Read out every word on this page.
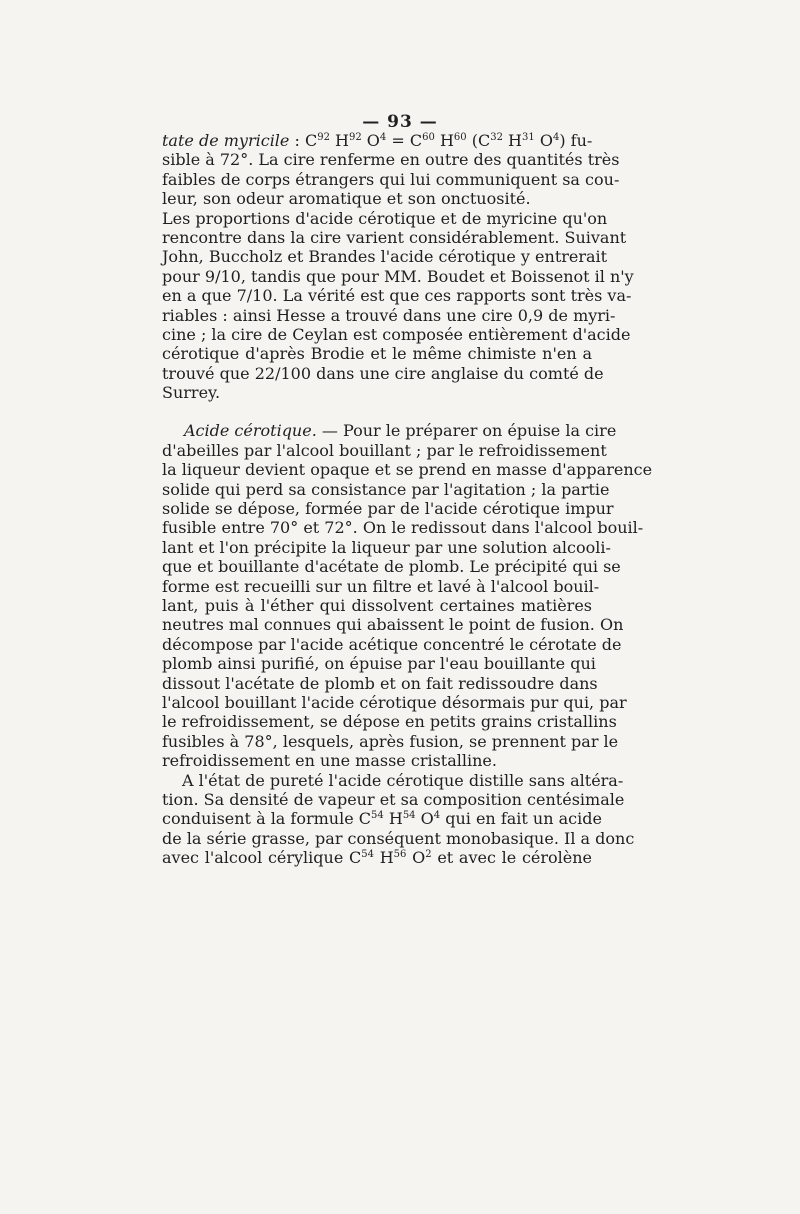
— 93 —
tate de myricile : $C^{92}$ $H^{92}$ $O^4 = C^{60}$ $H^{60}$ ($C^{32}$ $H^{31}$ $O^4$) fu-
sible à 72°. La cire renferme en outre des quantités très
faibles de corps étrangers qui lui communiquent sa cou-
leur, son odeur aromatique et son onctuosité.
Les proportions d'acide cérotique et de myricine qu'on
rencontre dans la cire varient considérablement. Suivant
John, Buccholz et Brandes l'acide cérotique y entrerait
pour 9/10, tandis que pour MM. Boudet et Boissenot il n'y
en a que 7/10. La vérité est que ces rapports sont très va-
riables : ainsi Hesse a trouvé dans une cire 0,9 de myri-
cine ; la cire de Ceylan est composée entièrement d'acide
cérotique d'après Brodie et le même chimiste n'en a
trouvé que 22/100 dans une cire anglaise du comté de
Surrey.
Acide cérotique. — Pour le préparer on épuise la cire
d'abeilles par l'alcool bouillant ; par le refroidissement
la liqueur devient opaque et se prend en masse d'apparence
solide qui perd sa consistance par l'agitation ; la partie
solide se dépose, formée par de l'acide cérotique impur
fusible entre 70° et 72°. On le redissout dans l'alcool bouil-
lant et l'on précipite la liqueur par une solution alcooli-
que et bouillante d'acétate de plomb. Le précipité qui se
forme est recueilli sur un filtre et lavé à l'alcool bouil-
lant, puis à l'éther qui dissolvent certaines matières
neutres mal connues qui abaissent le point de fusion. On
décompose par l'acide acétique concentré le cérotate de
plomb ainsi purifié, on épuise par l'eau bouillante qui
dissout l'acétate de plomb et on fait redissoudre dans
l'alcool bouillant l'acide cérotique désormais pur qui, par
le refroidissement, se dépose en petits grains cristallins
fusibles à 78°, lesquels, après fusion, se prennent par le
refroidissement en une masse cristalline.
A l'état de pureté l'acide cérotique distille sans altéra-
tion. Sa densité de vapeur et sa composition centésimale
conduisent à la formule $C^{54}$ $H^{54}$ $O^4$ qui en fait un acide
de la série grasse, par conséquent monobasique. Il a donc
avec l'alcool cérylique $C^{54}$ $H^{56}$ $O^2$ et avec le cérolène
